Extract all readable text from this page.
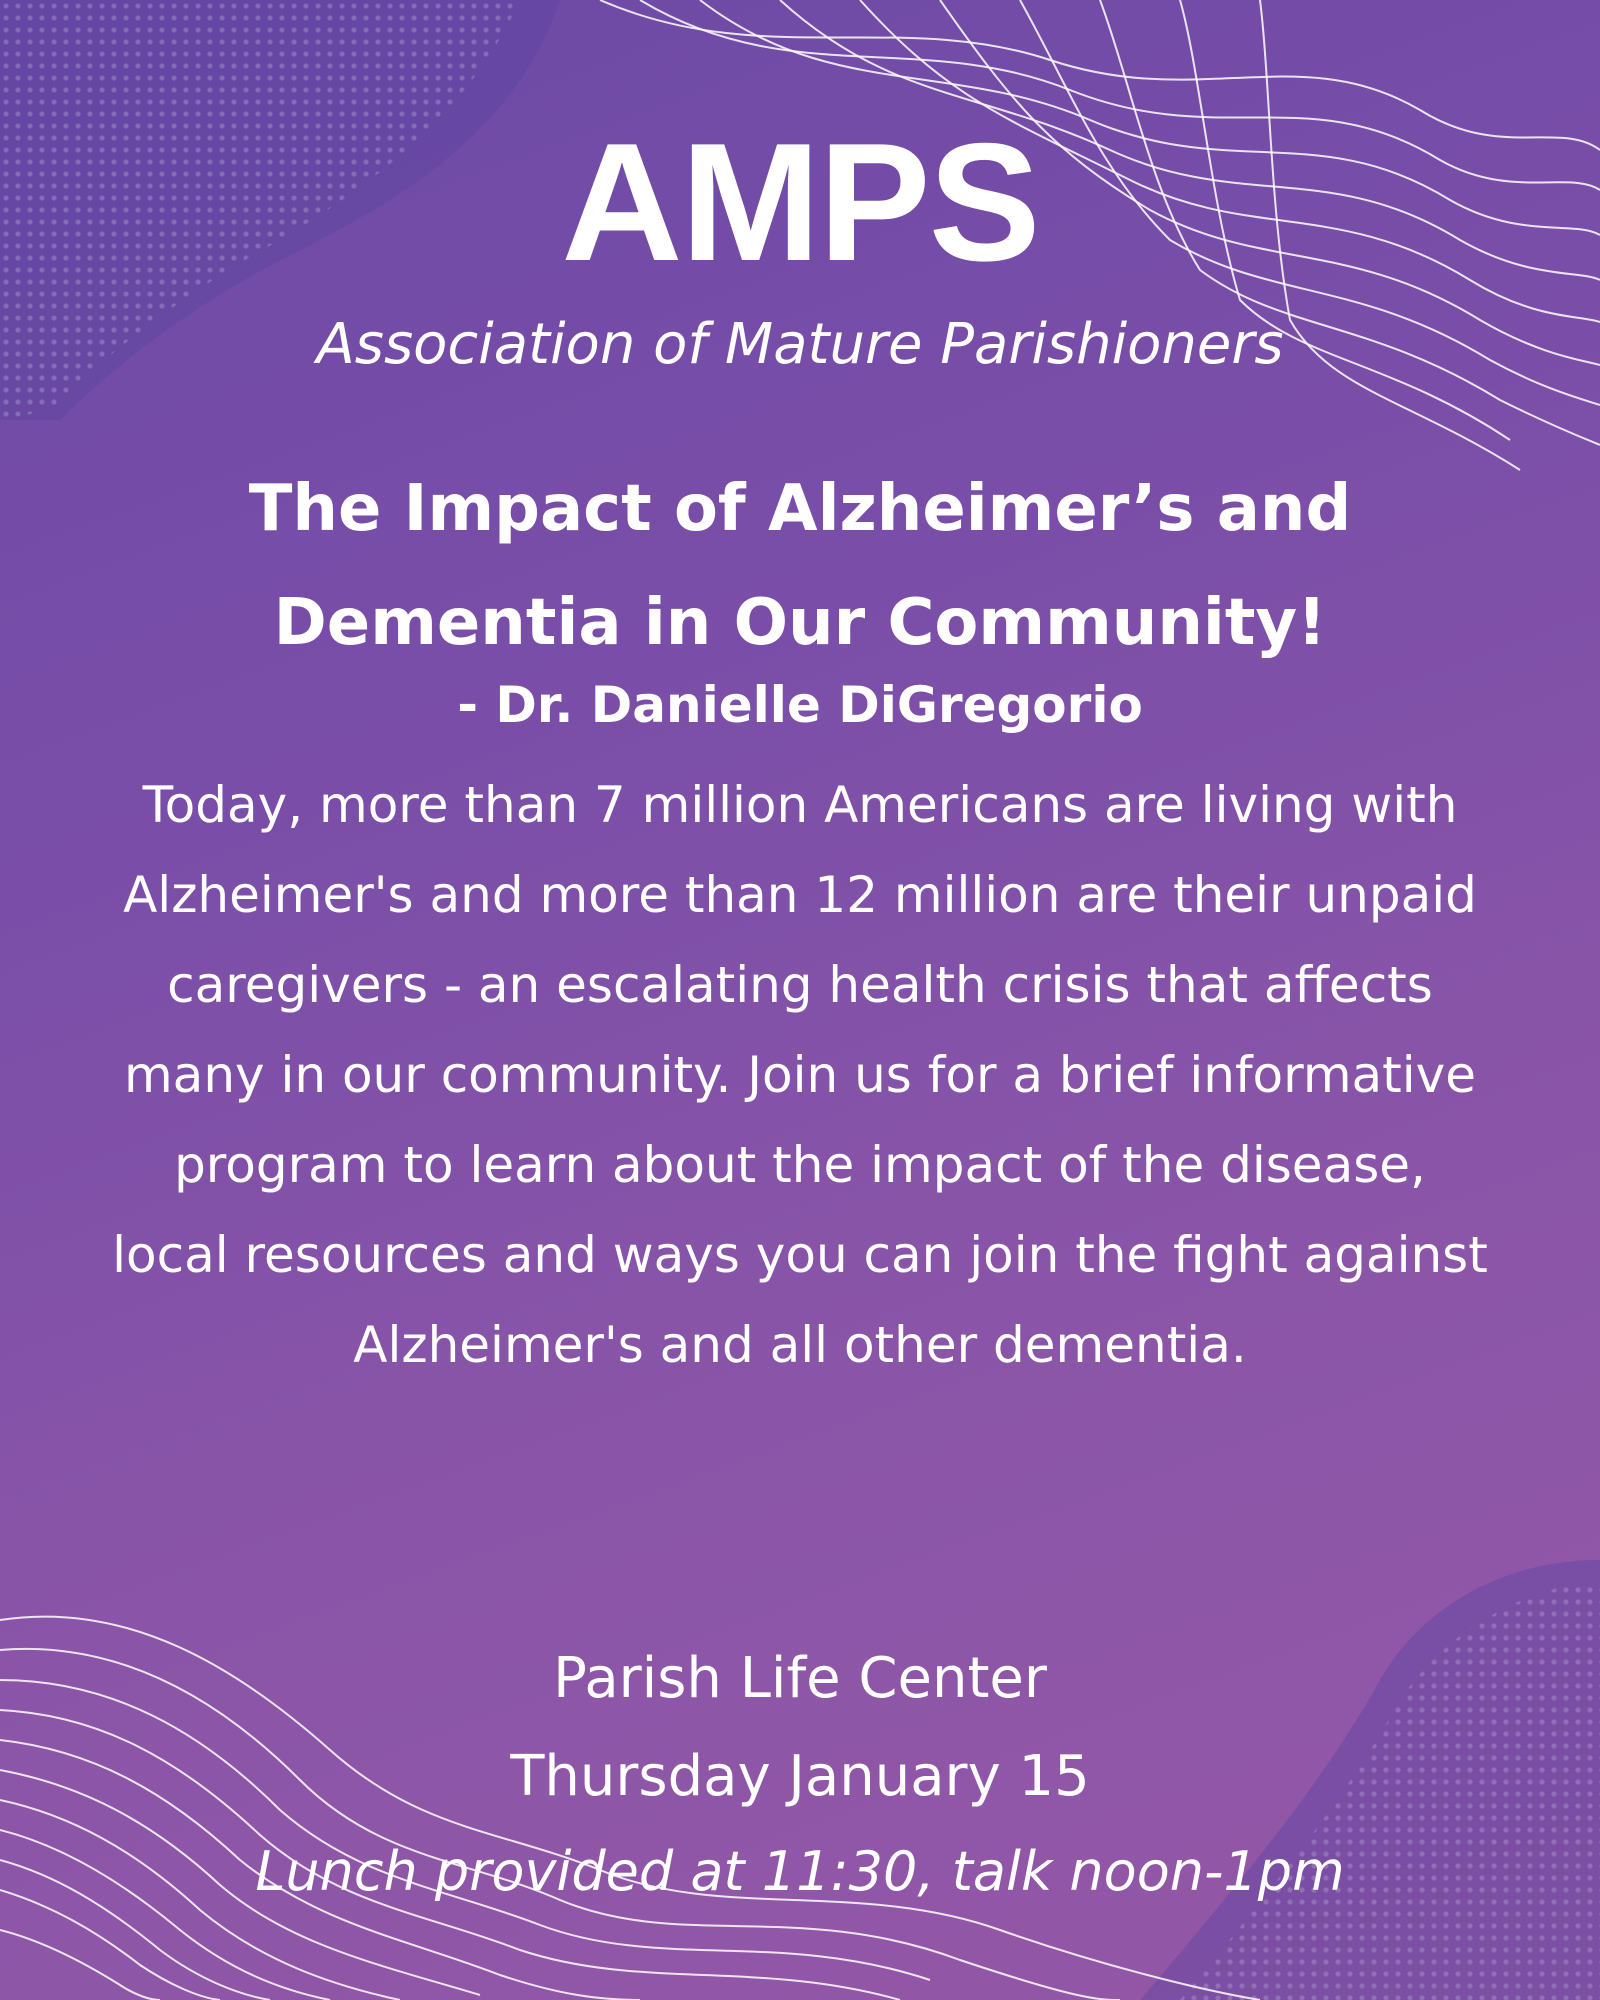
AMPS
Association of Mature Parishioners
The Impact of Alzheimer’s and Dementia in Our Community!
- Dr. Danielle DiGregorio

Today, more than 7 million Americans are living with Alzheimer's and more than 12 million are their unpaid caregivers - an escalating health crisis that affects many in our community. Join us for a brief informative program to learn about the impact of the disease, local resources and ways you can join the fight against Alzheimer's and all other dementia.

Parish Life Center
Thursday January 15
Lunch provided at 11:30, talk noon-1pm
